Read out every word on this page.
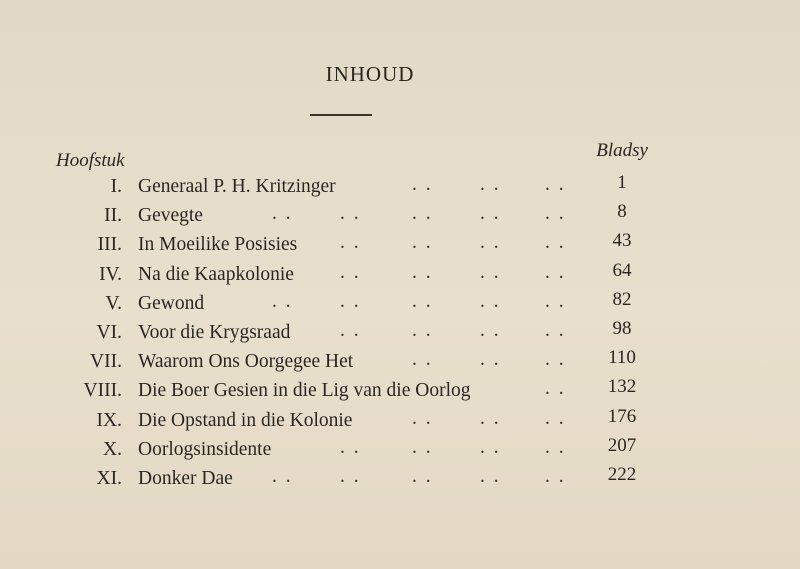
INHOUD
Hoofstuk	Bladsy
. . . . . .
I. Generaal P. H. Kritzinger	1
. . . .	. . . . . .
II. Gevegte	8
. .	. . . . . .
III. In Moeilike Posisies	43
. .	. . . . . .
IV. Na die Kaapkolonie	64
. . . .	. . . . . .
V. Gewond	82
. .	. . . . . .
VI. Voor die Krygsraad	98
. . . . . .
VII. Waarom Ons Oorgegee Het	110
. .
VIII. Die Boer Gesien in die Lig van die Oorlog	132
. . . . . .
IX. Die Opstand in die Kolonie	176
. .	. . . . . .
X. Oorlogsinsidente	207
. . . .	. . . . . .
XI. Donker Dae	222
